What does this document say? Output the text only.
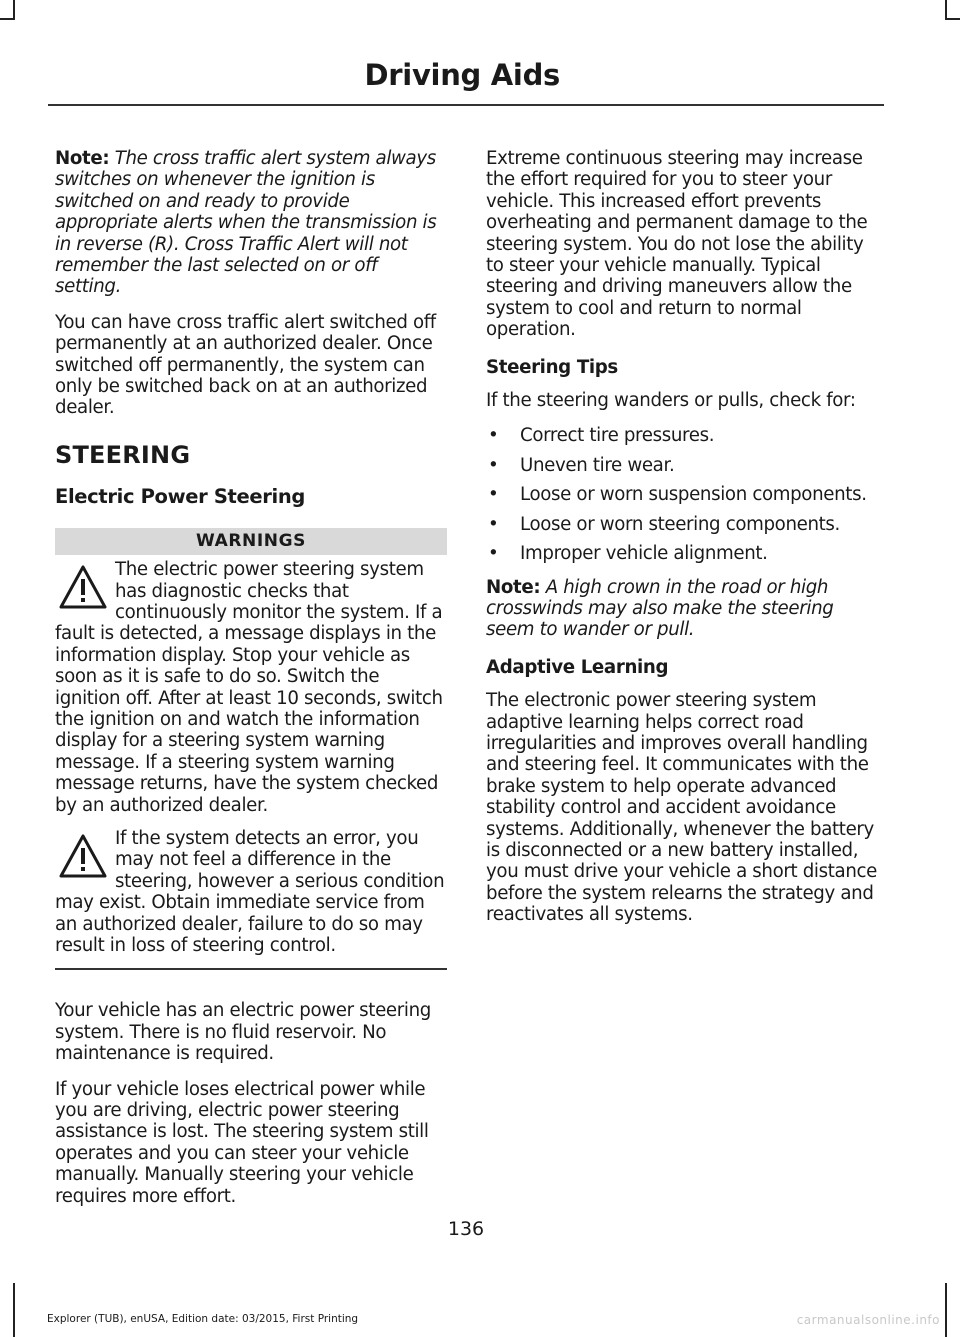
Driving Aids

Note: The cross traffic alert system always switches on whenever the ignition is switched on and ready to provide appropriate alerts when the transmission is in reverse (R). Cross Traffic Alert will not remember the last selected on or off setting.

You can have cross traffic alert switched off permanently at an authorized dealer. Once switched off permanently, the system can only be switched back on at an authorized dealer.

STEERING
Electric Power Steering
WARNINGS
The electric power steering system has diagnostic checks that continuously monitor the system. If a fault is detected, a message displays in the information display. Stop your vehicle as soon as it is safe to do so. Switch the ignition off. After at least 10 seconds, switch the ignition on and watch the information display for a steering system warning message. If a steering system warning message returns, have the system checked by an authorized dealer.
If the system detects an error, you may not feel a difference in the steering, however a serious condition may exist. Obtain immediate service from an authorized dealer, failure to do so may result in loss of steering control.

Your vehicle has an electric power steering system. There is no fluid reservoir. No maintenance is required.

If your vehicle loses electrical power while you are driving, electric power steering assistance is lost. The steering system still operates and you can steer your vehicle manually. Manually steering your vehicle requires more effort.

Extreme continuous steering may increase the effort required for you to steer your vehicle. This increased effort prevents overheating and permanent damage to the steering system. You do not lose the ability to steer your vehicle manually. Typical steering and driving maneuvers allow the system to cool and return to normal operation.

Steering Tips

If the steering wanders or pulls, check for:

• Correct tire pressures.
• Uneven tire wear.
• Loose or worn suspension components.
• Loose or worn steering components.
• Improper vehicle alignment.

Note: A high crown in the road or high crosswinds may also make the steering seem to wander or pull.

Adaptive Learning

The electronic power steering system adaptive learning helps correct road irregularities and improves overall handling and steering feel. It communicates with the brake system to help operate advanced stability control and accident avoidance systems. Additionally, whenever the battery is disconnected or a new battery installed, you must drive your vehicle a short distance before the system relearns the strategy and reactivates all systems.

136
Explorer (TUB), enUSA, Edition date: 03/2015, First Printing	carmanualsonline.info
